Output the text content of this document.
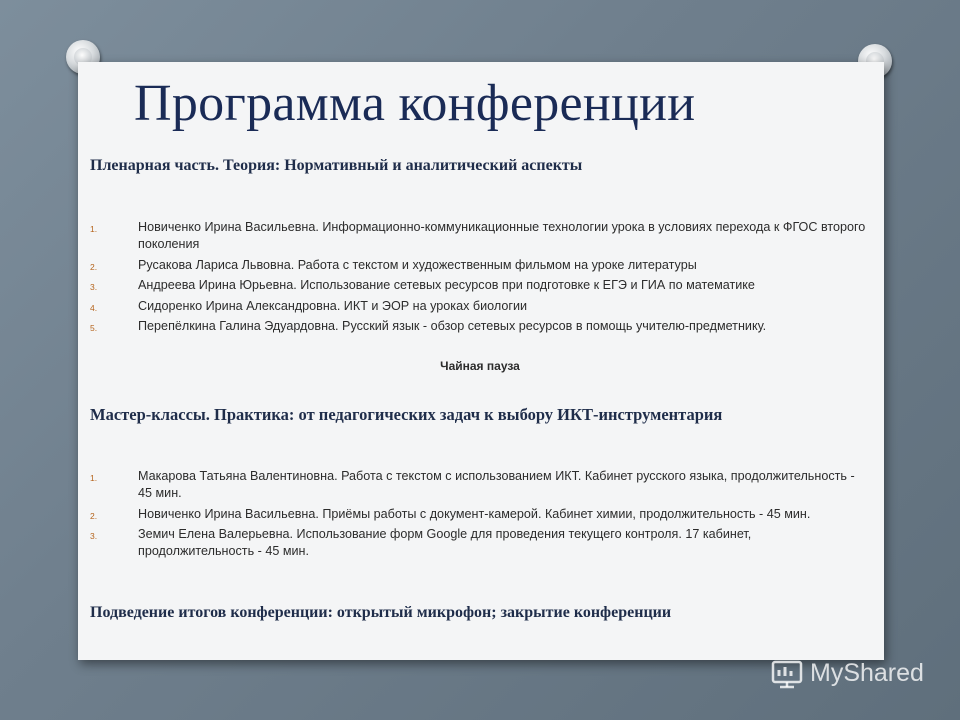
Программа конференции
Пленарная часть. Теория: Нормативный и аналитический аспекты
1.	Новиченко Ирина Васильевна. Информационно-коммуникационные технологии урока в условиях перехода к ФГОС второго поколения
2.	Русакова Лариса Львовна. Работа с текстом и художественным фильмом на уроке литературы
3.	Андреева Ирина Юрьевна. Использование сетевых ресурсов при подготовке к ЕГЭ и ГИА по математике
4.	Сидоренко Ирина Александровна. ИКТ и ЭОР на уроках биологии
5.	Перепёлкина Галина Эдуардовна. Русский язык - обзор сетевых ресурсов в помощь учителю-предметнику.
Чайная пауза
Мастер-классы. Практика: от педагогических задач к выбору ИКТ-инструментария
1.	Макарова Татьяна Валентиновна. Работа с текстом с использованием ИКТ. Кабинет русского языка, продолжительность - 45 мин.
2.	Новиченко Ирина Васильевна. Приёмы работы с документ-камерой. Кабинет химии, продолжительность - 45 мин.
3.	Земич Елена Валерьевна. Использование форм Google для проведения текущего контроля. 17 кабинет, продолжительность - 45 мин.
Подведение итогов конференции: открытый микрофон; закрытие конференции
MyShared
